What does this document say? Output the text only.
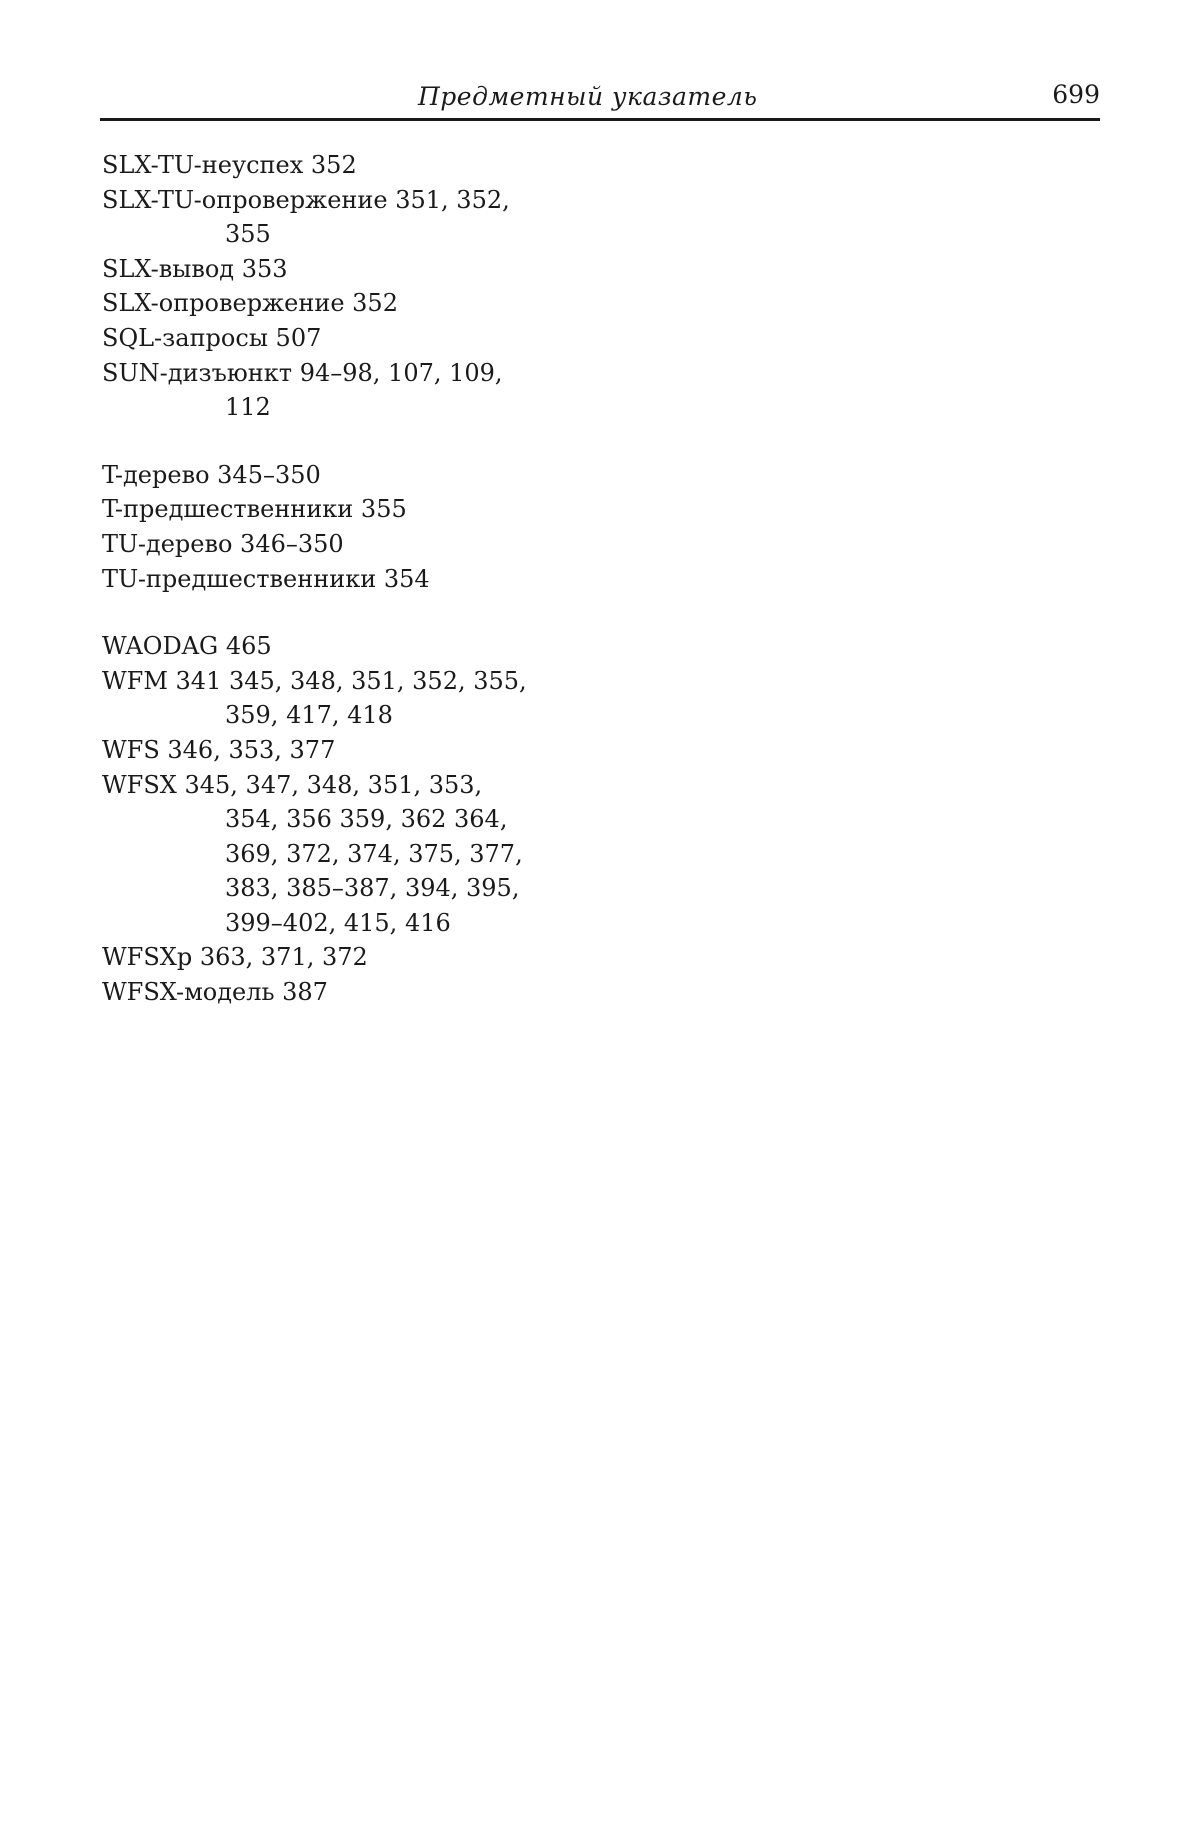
Предметный указатель	699
SLX-TU-неуспех 352
SLX-TU-опровержение 351, 352,
355
SLX-вывод 353
SLX-опровержение 352
SQL-запросы 507
SUN-дизъюнкт 94–98, 107, 109,
112
T-дерево 345–350
T-предшественники 355
TU-дерево 346–350
TU-предшественники 354
WAODAG 465
WFM 341 345, 348, 351, 352, 355,
359, 417, 418
WFS 346, 353, 377
WFSX 345, 347, 348, 351, 353,
354, 356 359, 362 364,
369, 372, 374, 375, 377,
383, 385–387, 394, 395,
399–402, 415, 416
WFSXp 363, 371, 372
WFSX-модель 387
